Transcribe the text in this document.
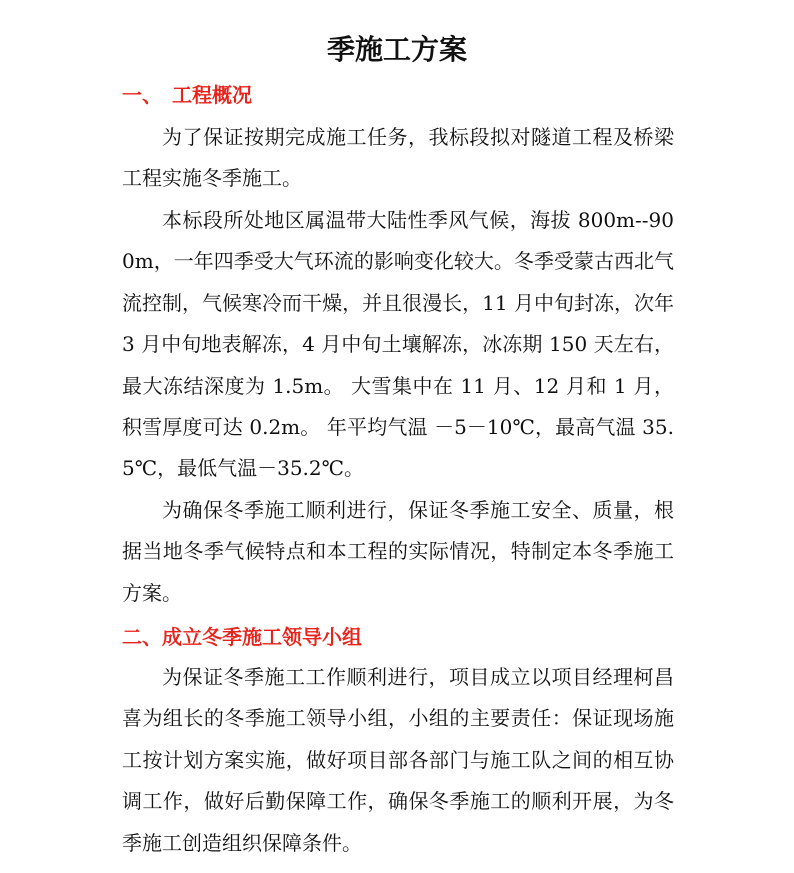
季施工方案
一、 工程概况

为了保证按期完成施工任务，我标段拟对隧道工程及桥梁工程实施冬季施工。

本标段所处地区属温带大陆性季风气候，海拔 800m--900m，一年四季受大气环流的影响变化较大。冬季受蒙古西北气流控制，气候寒冷而干燥，并且很漫长，11 月中旬封冻，次年 3 月中旬地表解冻，4 月中旬土壤解冻，冰冻期 150 天左右，最大冻结深度为 1.5m。 大雪集中在 11 月、12 月和 1 月，积雪厚度可达 0.2m。 年平均气温 －5－10℃，最高气温 35.5℃，最低气温－35.2℃。

为确保冬季施工顺利进行，保证冬季施工安全、质量，根据当地冬季气候特点和本工程的实际情况，特制定本冬季施工方案。

二、成立冬季施工领导小组

为保证冬季施工工作顺利进行，项目成立以项目经理柯昌喜为组长的冬季施工领导小组，小组的主要责任：保证现场施工按计划方案实施，做好项目部各部门与施工队之间的相互协调工作，做好后勤保障工作，确保冬季施工的顺利开展，为冬季施工创造组织保障条件。
